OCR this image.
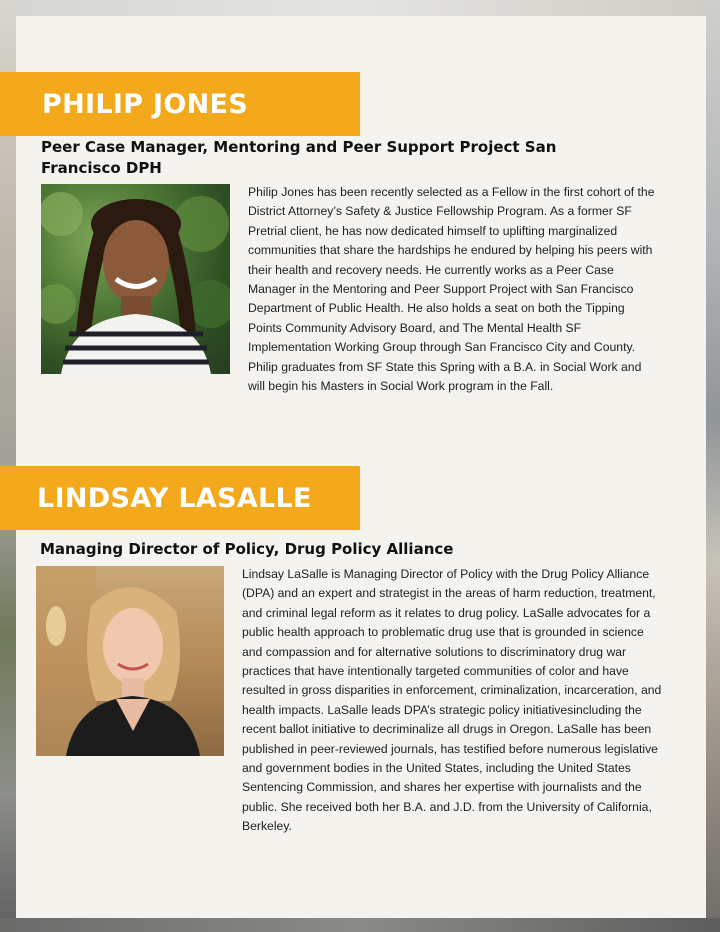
PHILIP JONES
Peer Case Manager, Mentoring and Peer Support Project San Francisco DPH
Philip Jones has been recently selected as a Fellow in the first cohort of the District Attorney’s Safety & Justice Fellowship Program. As a former SF Pretrial client, he has now dedicated himself to uplifting marginalized communities that share the hardships he endured by helping his peers with their health and recovery needs. He currently works as a Peer Case Manager in the Mentoring and Peer Support Project with San Francisco Department of Public Health. He also holds a seat on both the Tipping Points Community Advisory Board, and The Mental Health SF Implementation Working Group through San Francisco City and County. Philip graduates from SF State this Spring with a B.A. in Social Work and will begin his Masters in Social Work program in the Fall.
LINDSAY LASALLE
Managing Director of Policy, Drug Policy Alliance
Lindsay LaSalle is Managing Director of Policy with the Drug Policy Alliance (DPA) and an expert and strategist in the areas of harm reduction, treatment, and criminal legal reform as it relates to drug policy. LaSalle advocates for a public health approach to problematic drug use that is grounded in science and compassion and for alternative solutions to discriminatory drug war practices that have intentionally targeted communities of color and have resulted in gross disparities in enforcement, criminalization, incarceration, and health impacts. LaSalle leads DPA’s strategic policy initiativesincluding the recent ballot initiative to decriminalize all drugs in Oregon. LaSalle has been published in peer-reviewed journals, has testified before numerous legislative and government bodies in the United States, including the United States Sentencing Commission, and shares her expertise with journalists and the public. She received both her B.A. and J.D. from the University of California, Berkeley.
